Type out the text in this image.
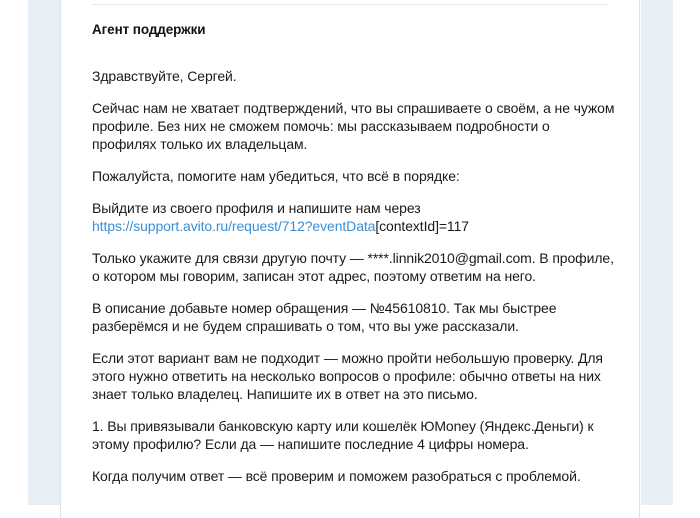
Агент поддержки

Здравствуйте, Сергей.

Сейчас нам не хватает подтверждений, что вы спрашиваете о своём, а не чужом профиле. Без них не сможем помочь: мы рассказываем подробности о профилях только их владельцам.

Пожалуйста, помогите нам убедиться, что всё в порядке:

Выйдите из своего профиля и напишите нам через https://support.avito.ru/request/712?eventData[contextId]=117

Только укажите для связи другую почту — ****.linnik2010@gmail.com. В профиле, о котором мы говорим, записан этот адрес, поэтому ответим на него.

В описание добавьте номер обращения — №45610810. Так мы быстрее разберёмся и не будем спрашивать о том, что вы уже рассказали.

Если этот вариант вам не подходит — можно пройти небольшую проверку. Для этого нужно ответить на несколько вопросов о профиле: обычно ответы на них знает только владелец. Напишите их в ответ на это письмо.

1. Вы привязывали банковскую карту или кошелёк ЮMoney (Яндекс.Деньги) к этому профилю? Если да — напишите последние 4 цифры номера.

Когда получим ответ — всё проверим и поможем разобраться с проблемой.
